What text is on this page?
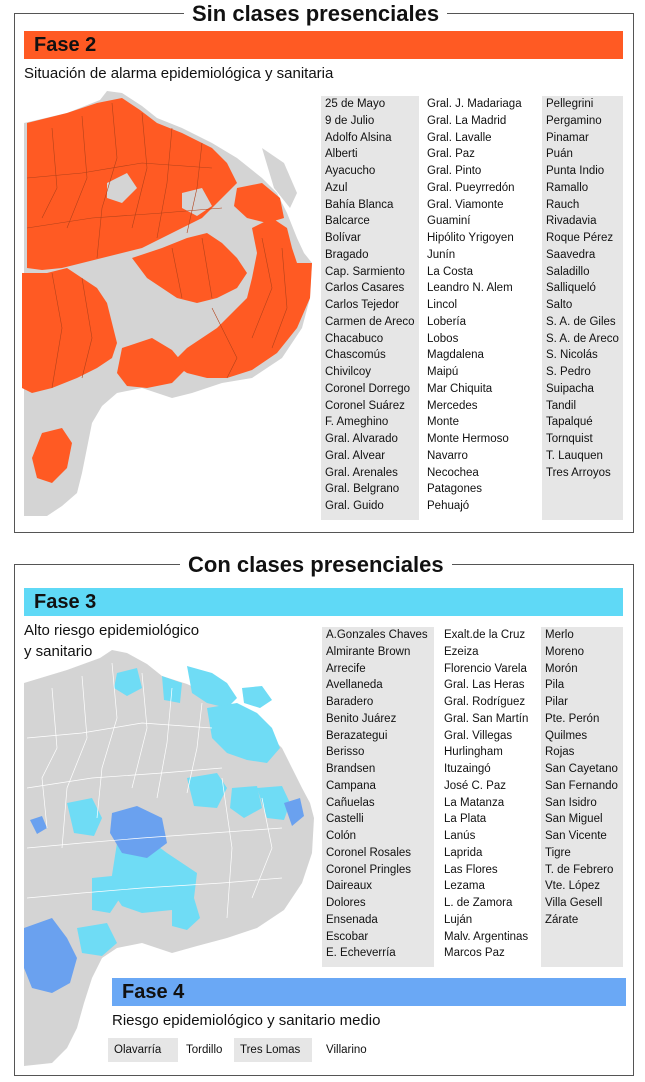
Sin clases presenciales
Fase 2
Situación de alarma epidemiológica y sanitaria
25 de Mayo
9 de Julio
Adolfo Alsina
Alberti
Ayacucho
Azul
Bahía Blanca
Balcarce
Bolívar
Bragado
Cap. Sarmiento
Carlos Casares
Carlos Tejedor
Carmen de Areco
Chacabuco
Chascomús
Chivilcoy
Coronel Dorrego
Coronel Suárez
F. Ameghino
Gral. Alvarado
Gral. Alvear
Gral. Arenales
Gral. Belgrano
Gral. Guido
Gral. J. Madariaga
Gral. La Madrid
Gral. Lavalle
Gral. Paz
Gral. Pinto
Gral. Pueyrredón
Gral. Viamonte
Guaminí
Hipólito Yrigoyen
Junín
La Costa
Leandro N. Alem
Lincol
Lobería
Lobos
Magdalena
Maipú
Mar Chiquita
Mercedes
Monte
Monte Hermoso
Navarro
Necochea
Patagones
Pehuajó
Pellegrini
Pergamino
Pinamar
Puán
Punta Indio
Ramallo
Rauch
Rivadavia
Roque Pérez
Saavedra
Saladillo
Salliqueló
Salto
S. A. de Giles
S. A. de Areco
S. Nicolás
S. Pedro
Suipacha
Tandil
Tapalqué
Tornquist
T. Lauquen
Tres Arroyos
Con clases presenciales
Fase 3
Alto riesgo epidemiológico
y sanitario
A.Gonzales Chaves
Almirante Brown
Arrecife
Avellaneda
Baradero
Benito Juárez
Berazategui
Berisso
Brandsen
Campana
Cañuelas
Castelli
Colón
Coronel Rosales
Coronel Pringles
Daireaux
Dolores
Ensenada
Escobar
E. Echeverría
Exalt.de la Cruz
Ezeiza
Florencio Varela
Gral. Las Heras
Gral. Rodríguez
Gral. San Martín
Gral. Villegas
Hurlingham
Ituzaingó
José C. Paz
La Matanza
La Plata
Lanús
Laprida
Las Flores
Lezama
L. de Zamora
Luján
Malv. Argentinas
Marcos Paz
Merlo
Moreno
Morón
Pila
Pilar
Pte. Perón
Quilmes
Rojas
San Cayetano
San Fernando
San Isidro
San Miguel
San Vicente
Tigre
T. de Febrero
Vte. López
Villa Gesell
Zárate
Fase 4
Riesgo epidemiológico y sanitario medio
Olavarría	Tordillo	Tres Lomas	Villarino
